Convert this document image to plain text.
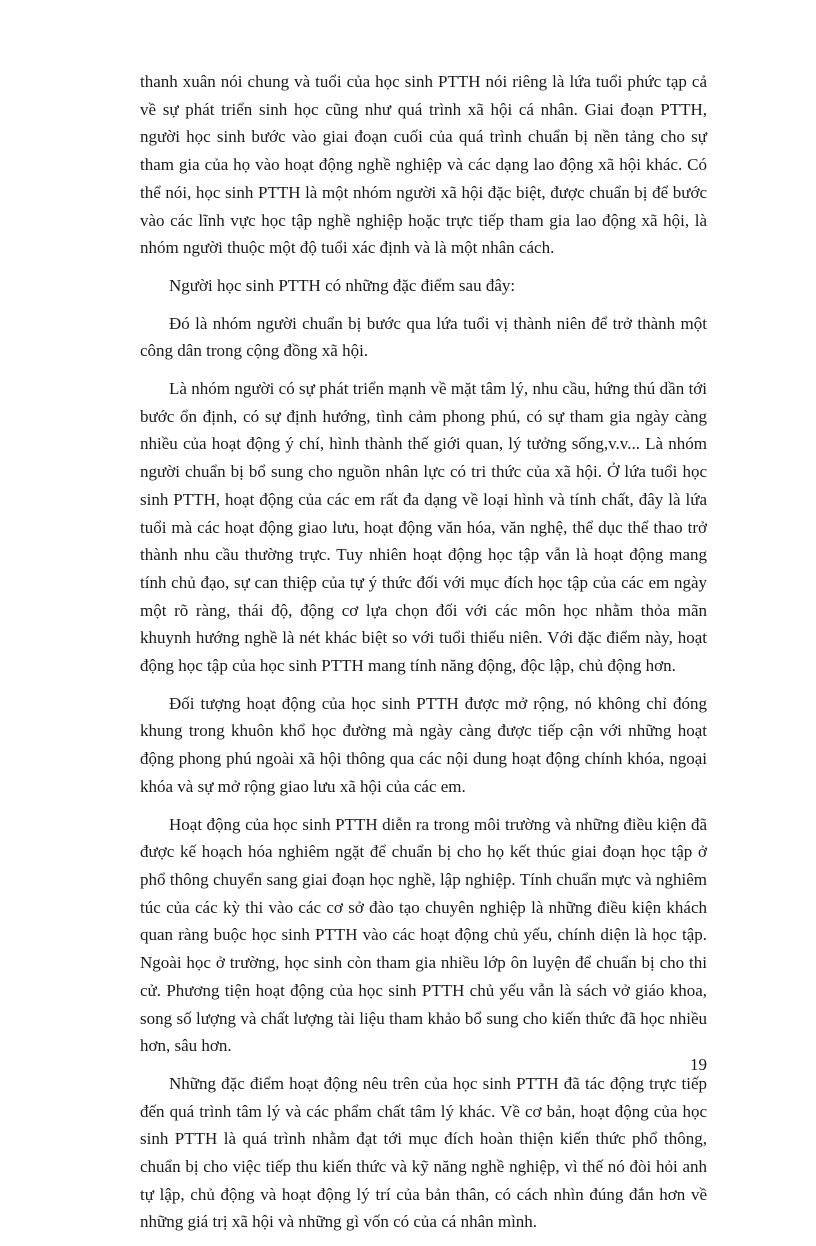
thanh xuân nói chung và tuổi của học sinh PTTH nói riêng là lứa tuổi phức tạp cả về sự phát triển sinh học cũng như quá trình xã hội cá nhân. Giai đoạn PTTH, người học sinh bước vào giai đoạn cuối của quá trình chuẩn bị nền tảng cho sự tham gia của họ vào hoạt động nghề nghiệp và các dạng lao động xã hội khác. Có thể nói, học sinh PTTH là một nhóm người xã hội đặc biệt, được chuẩn bị để bước vào các lĩnh vực học tập nghề nghiệp hoặc trực tiếp tham gia lao động xã hội, là nhóm người thuộc một độ tuổi xác định và là một nhân cách.

Người học sinh PTTH có những đặc điểm sau đây:

Đó là nhóm người chuẩn bị bước qua lứa tuổi vị thành niên để trở thành một công dân trong cộng đồng xã hội.

Là nhóm người có sự phát triển mạnh về mặt tâm lý, nhu cầu, hứng thú dần tới bước ổn định, có sự định hướng, tình cảm phong phú, có sự tham gia ngày càng nhiều của hoạt động ý chí, hình thành thế giới quan, lý tưởng sống,v.v... Là nhóm người chuẩn bị bổ sung cho nguồn nhân lực có tri thức của xã hội. Ở lứa tuổi học sinh PTTH, hoạt động của các em rất đa dạng về loại hình và tính chất, đây là lứa tuổi mà các hoạt động giao lưu, hoạt động văn hóa, văn nghệ, thể dục thể thao trở thành nhu cầu thường trực. Tuy nhiên hoạt động học tập vẫn là hoạt động mang tính chủ đạo, sự can thiệp của tự ý thức đối với mục đích học tập của các em ngày một rõ ràng, thái độ, động cơ lựa chọn đối với các môn học nhằm thỏa mãn khuynh hướng nghề là nét khác biệt so với tuổi thiếu niên. Với đặc điểm này, hoạt động học tập của học sinh PTTH mang tính năng động, độc lập, chủ động hơn.

Đối tượng hoạt động của học sinh PTTH được mở rộng, nó không chỉ đóng khung trong khuôn khổ học đường mà ngày càng được tiếp cận với những hoạt động phong phú ngoài xã hội thông qua các nội dung hoạt động chính khóa, ngoại khóa và sự mở rộng giao lưu xã hội của các em.

Hoạt động của học sinh PTTH diễn ra trong môi trường và những điều kiện đã được kế hoạch hóa nghiêm ngặt để chuẩn bị cho họ kết thúc giai đoạn học tập ở phổ thông chuyển sang giai đoạn học nghề, lập nghiệp. Tính chuẩn mực và nghiêm túc của các kỳ thi vào các cơ sở đào tạo chuyên nghiệp là những điều kiện khách quan ràng buộc học sinh PTTH vào các hoạt động chủ yếu, chính diện là học tập. Ngoài học ở trường, học sinh còn tham gia nhiều lớp ôn luyện để chuẩn bị cho thi cử. Phương tiện hoạt động của học sinh PTTH chủ yếu vẫn là sách vở giáo khoa, song số lượng và chất lượng tài liệu tham khảo bổ sung cho kiến thức đã học nhiều hơn, sâu hơn.

Những đặc điểm hoạt động nêu trên của học sinh PTTH đã tác động trực tiếp đến quá trình tâm lý và các phẩm chất tâm lý khác. Về cơ bản, hoạt động của học sinh PTTH là quá trình nhằm đạt tới mục đích hoàn thiện kiến thức phổ thông, chuẩn bị cho việc tiếp thu kiến thức và kỹ năng nghề nghiệp, vì thế nó đòi hỏi anh tự lập, chủ động và hoạt động lý trí của bản thân, có cách nhìn đúng đắn hơn về những giá trị xã hội và những gì vốn có của cá nhân mình.

19
